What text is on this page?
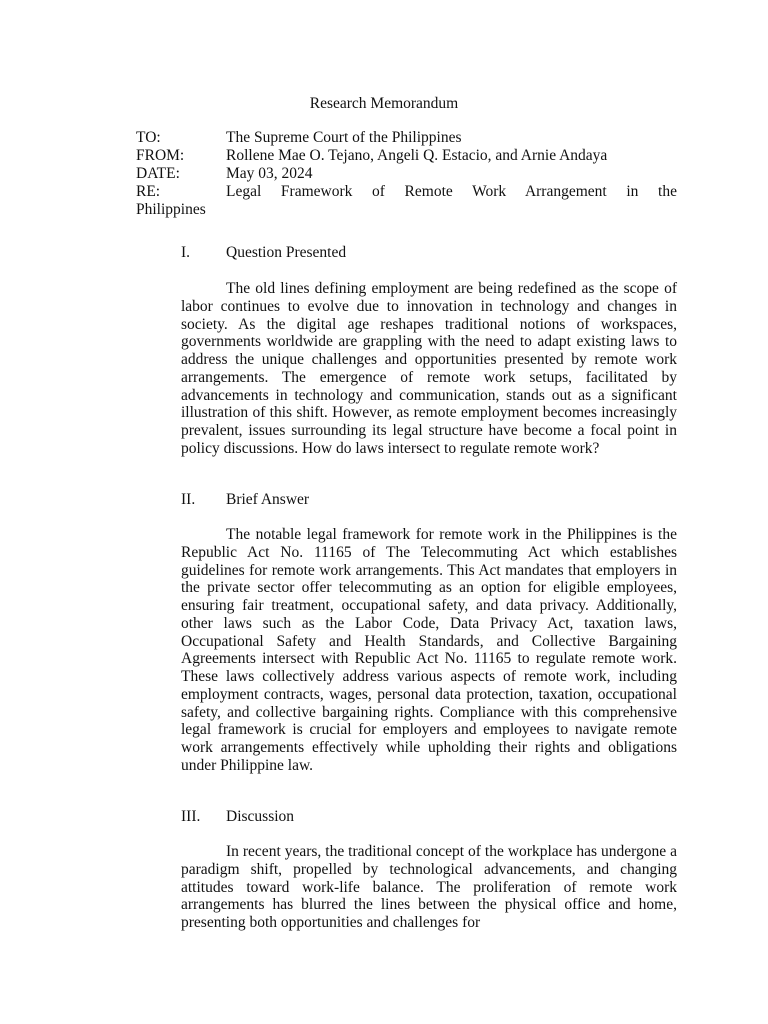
Research Memorandum
TO:	The Supreme Court of the Philippines
FROM:	Rollene Mae O. Tejano, Angeli Q. Estacio, and Arnie Andaya
DATE:	May 03, 2024
RE:	Legal Framework of Remote Work Arrangement in the
Philippines
I. Question Presented
The old lines defining employment are being redefined as the scope of labor continues to evolve due to innovation in technology and changes in society. As the digital age reshapes traditional notions of workspaces, governments worldwide are grappling with the need to adapt existing laws to address the unique challenges and opportunities presented by remote work arrangements. The emergence of remote work setups, facilitated by advancements in technology and communication, stands out as a significant illustration of this shift. However, as remote employment becomes increasingly prevalent, issues surrounding its legal structure have become a focal point in policy discussions. How do laws intersect to regulate remote work?
II. Brief Answer
The notable legal framework for remote work in the Philippines is the Republic Act No. 11165 of The Telecommuting Act which establishes guidelines for remote work arrangements. This Act mandates that employers in the private sector offer telecommuting as an option for eligible employees, ensuring fair treatment, occupational safety, and data privacy. Additionally, other laws such as the Labor Code, Data Privacy Act, taxation laws, Occupational Safety and Health Standards, and Collective Bargaining Agreements intersect with Republic Act No. 11165 to regulate remote work. These laws collectively address various aspects of remote work, including employment contracts, wages, personal data protection, taxation, occupational safety, and collective bargaining rights. Compliance with this comprehensive legal framework is crucial for employers and employees to navigate remote work arrangements effectively while upholding their rights and obligations under Philippine law.
III. Discussion
In recent years, the traditional concept of the workplace has undergone a paradigm shift, propelled by technological advancements, and changing attitudes toward work-life balance. The proliferation of remote work arrangements has blurred the lines between the physical office and home, presenting both opportunities and challenges for
